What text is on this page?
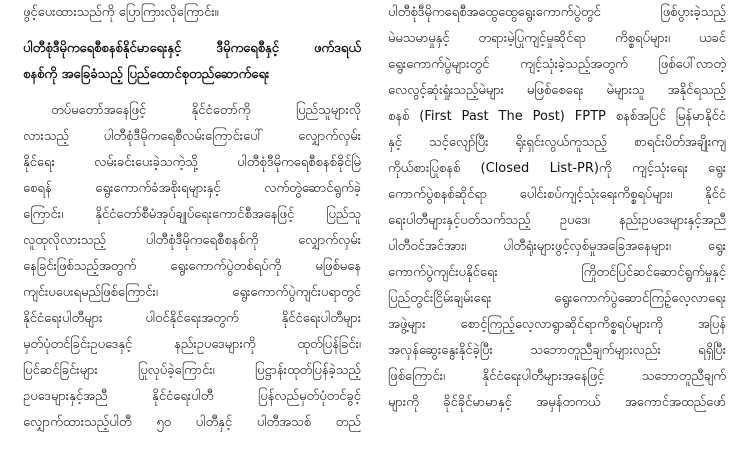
ဖွင့်ပေးထားသည်ကို ပြောကြားလိုကြောင်း။
ပါတီစုံဒီမိုကရေစီစနစ်နိုင်မာရေးနှင့် ဒီမိုကရေစီနှင့် ဖက်ဒရယ်
စနစ်ကို အခြေခံသည့် ပြည်ထောင်စုတည်ဆောက်ရေး
တပ်မတော်အနေဖြင့် နိုင်ငံတော်ကို ပြည်သူများလို
လားသည့် ပါတီစုံဒီမိုကရေစီလမ်းကြောင်းပေါ် လျှောက်လှမ်း
နိုင်ရေး လမ်းခင်းပေးခဲ့သကဲ့သို့ ပါတီစုံဒီမိုကရေစီစနစ်ခိုင်မြဲ
စေရန် ရွေးကောက်ခံအစိုးရများနှင့် လက်တွဲဆောင်ရွက်ခဲ့
ကြောင်း၊ နိုင်ငံတော်စီမံအုပ်ချုပ်ရေးကောင်စီအနေဖြင့် ပြည်သူ
လူထုလိုလားသည့် ပါတီစုံဒီမိုကရေစီစနစ်ကို လျှောက်လှမ်း
နေခြင်းဖြစ်သည့်အတွက် ရွေးကောက်ပွဲတစ်ရပ်ကို မဖြစ်မနေ
ကျင်းပပေးရမည်ဖြစ်ကြောင်း၊ ရွေးကောက်ပွဲကျင်းပရာတွင်
နိုင်ငံရေးပါတီများ ပါဝင်နိုင်ရေးအတွက် နိုင်ငံရေးပါတီများ
မှတ်ပုံတင်ခြင်းဥပဒေနှင့် နည်းဥပဒေများကို ထုတ်ပြန်ခြင်း၊
ပြင်ဆင်ခြင်းများ ပြုလုပ်ခဲ့ကြောင်း၊ ပြဋ္ဌာန်းထုတ်ပြန်ခဲ့သည့်
ဥပဒေများနှင့်အညီ နိုင်ငံရေးပါတီ ပြန်လည်မှတ်ပုံတင်ခွင့်
လျှောက်ထားသည့်ပါတီ ၅၀ ပါတီနှင့် ပါတီအသစ် တည်
ပါတီစုံဒီမိုကရေစီအထွေထွေရွေးကောက်ပွဲတွင် ဖြစ်ပွားခဲ့သည့်
မဲမသမာမှုနှင့် တရားမဲ့ပြုကျင့်မှုဆိုင်ရာ ကိစ္စရပ်များ၊ ယခင်
ရွေးကောက်ပွဲများတွင် ကျင့်သုံးခဲ့သည့်အတွက် ဖြစ်ပေါ်လာတဲ့
လေလွင့်ဆုံးရှုံးသည့်မဲများ မဖြစ်စေရေး မဲများသူ အနိုင်ရသည့်
စနစ် (First Past The Post) FPTP စနစ်အပြင် မြန်မာနိုင်ငံ
နှင့် သင့်လျော်ပြီး ရိုးရှင်းလွယ်ကူသည့် စာရင်းပိတ်အချိုးကျ
ကိုယ်စားပြုစနစ် (Closed List-PR)ကို ကျင့်သုံးရေး ရွေး
ကောက်ပွဲစနစ်ဆိုင်ရာ ပေါင်းစပ်ကျင့်သုံးရေးကိစ္စရပ်များ၊ နိုင်ငံ
ရေးပါတီများနှင့်ပတ်သက်သည့် ဥပဒေ၊ နည်းဥပဒေများနှင့်အညီ
ပါတီဝင်အင်အား၊ ပါတီရုံးများဖွင့်လှစ်မှုအခြေအနေများ၊ ရွေး
ကောက်ပွဲကျင်းပနိုင်ရေး ကြိုတင်ပြင်ဆင်ဆောင်ရွက်မှုနှင့်
ပြည်တွင်းငြိမ်းချမ်းရေး ရွေးကောက်ပွဲဆောင်ကြဉ့်လေ့လာရေး
အဖွဲ့များ စောင့်ကြည့်လေ့လာရွာဆိုင်ရာကိစ္စရပ်များကို အပြန်
အလှန်ဆွေးနွေးနိုင်ခဲ့ပြီး သဘောတူညီချက်များလည်း ရရှိပြီး
ဖြစ်ကြောင်း၊ နိုင်ငံရေးပါတီများအနေဖြင့် သဘောတူညီချက်
များကို ခိုင်ခိုင်မာမာနှင့် အမှန်တကယ် အကောင်အထည်ဖော်
